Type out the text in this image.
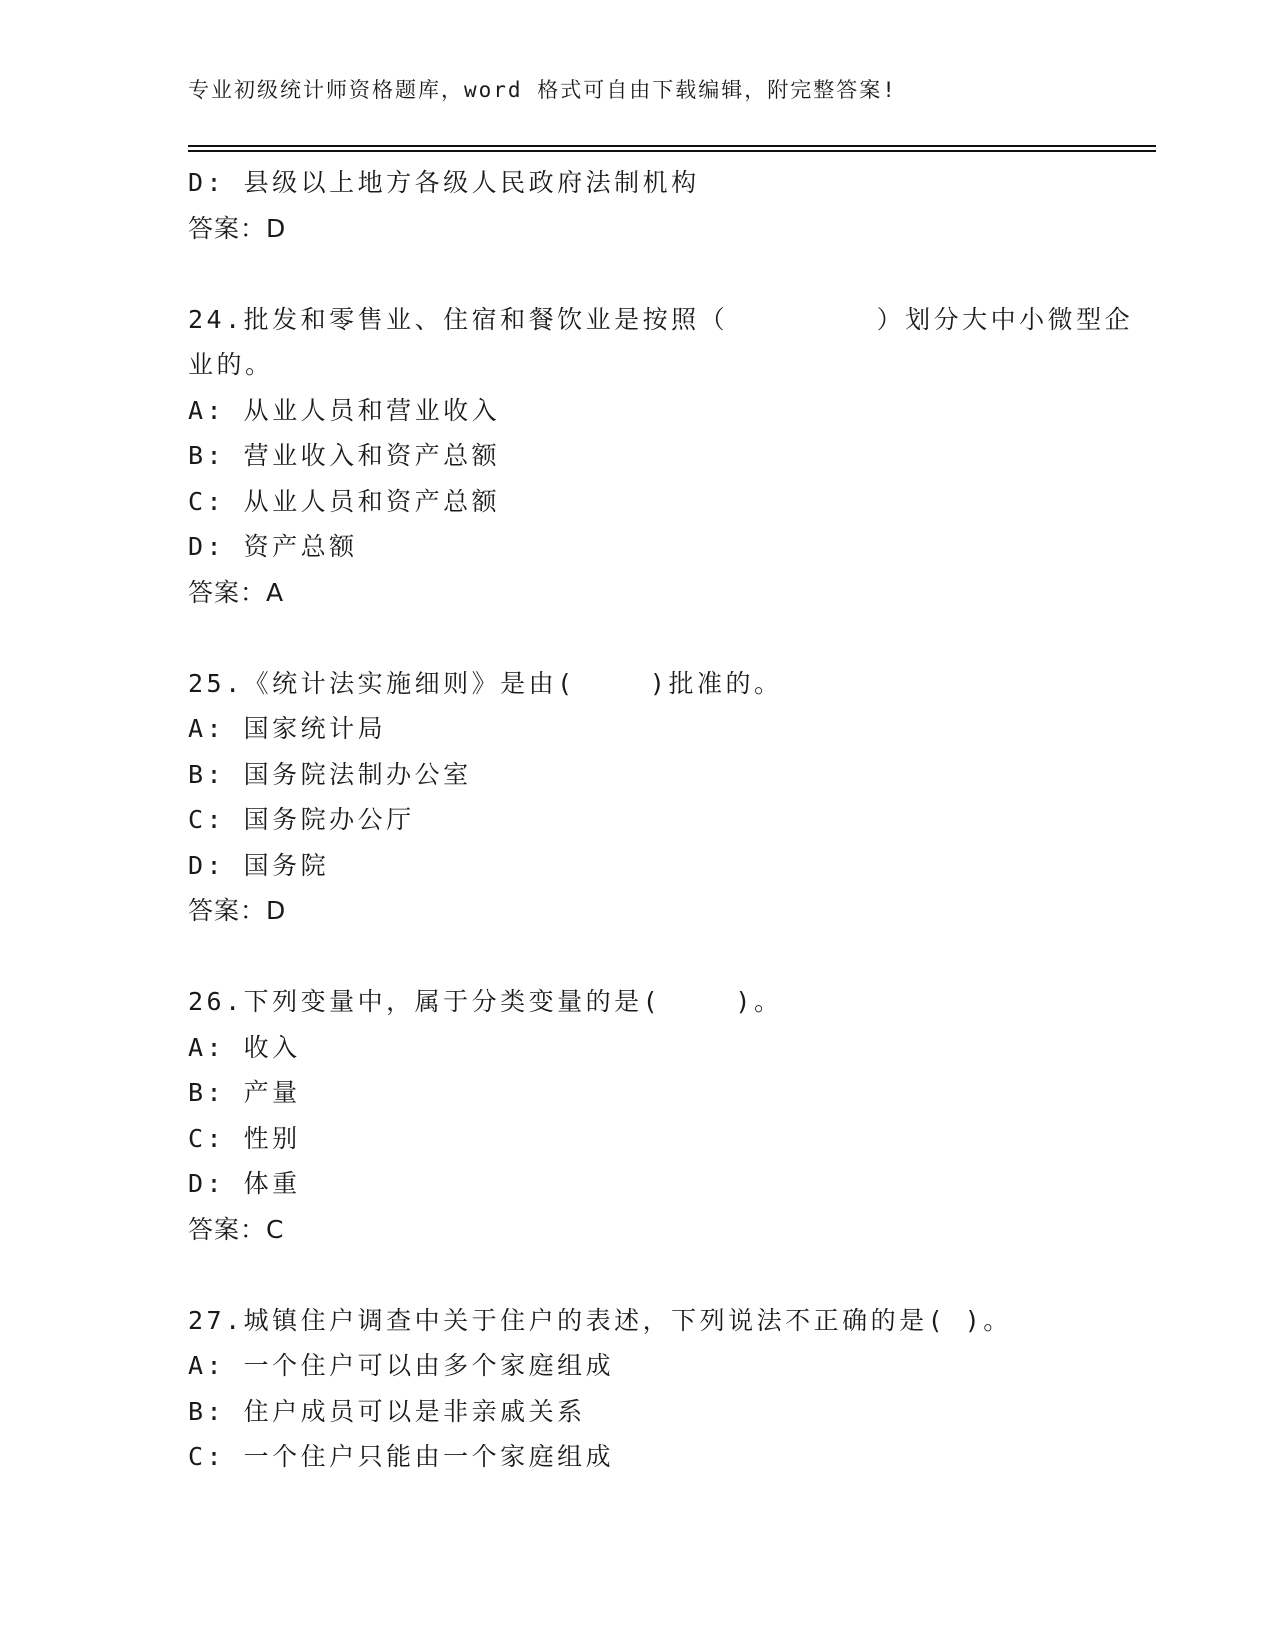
专业初级统计师资格题库，word 格式可自由下载编辑，附完整答案!
D: 县级以上地方各级人民政府法制机构
答案：D
24.批发和零售业、住宿和餐饮业是按照（        ）划分大中小微型企
业的。
A: 从业人员和营业收入
B: 营业收入和资产总额
C: 从业人员和资产总额
D: 资产总额
答案：A
25.《统计法实施细则》是由(    )批准的。
A: 国家统计局
B: 国务院法制办公室
C: 国务院办公厅
D: 国务院
答案：D
26.下列变量中，属于分类变量的是(    )。
A: 收入
B: 产量
C: 性别
D: 体重
答案：C
27.城镇住户调查中关于住户的表述，下列说法不正确的是( )。
A: 一个住户可以由多个家庭组成
B: 住户成员可以是非亲戚关系
C: 一个住户只能由一个家庭组成
